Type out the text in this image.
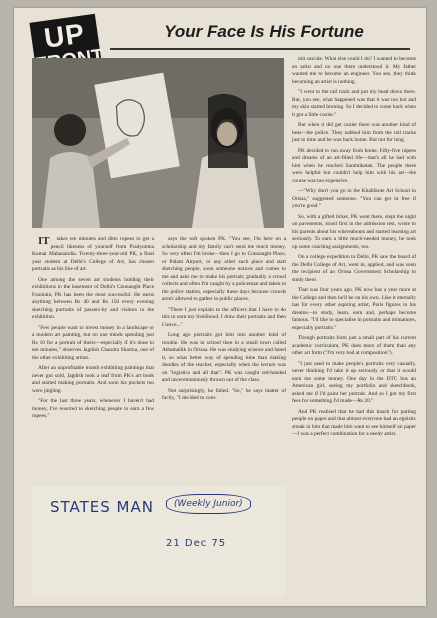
UP	Your Face Is His Fortune

IT takes ten minutes and ditto rupees to get a pencil likeness of yourself from Pradyumna Kumar Mahanandia. Twenty-three-year-old PK, a final year student at Delhi's College of Art, has chosen portraits as his line of art.

One among the seven art students holding their exhibitions in the basement of Delhi's Connaught Place Fountain, PK has been the most successful. He earns anything between Rs 40 and Rs 150 every evening sketching portraits of passers-by and visitors to the exhibition.

"Few people want to invest money in a landscape or a modern art painting, but no one minds spending just Rs 10 for a portrait of theirs—especially if it's done in ten minutes," observes Jagdish Chandra Sharma, one of the other exhibiting artists.

After an unprofitable month exhibiting paintings that never got sold, Jagdish took a leaf from PK's art book and started making portraits. And soon his pockets too were jingling.

"For the last three years, whenever I haven't had money, I've resorted to sketching people to earn a few rupees,"

says the soft spoken PK. "You see, I'm here on a scholarship and my family can't send me much money. So very often I'm broke—then I go to Connaught Place, or Palam Airport, or any other such place and start sketching people, soon someone notices and comes to me and asks me to make his portrait; gradually a crowd collects and often I'm caught by a policeman and taken to the police station, especially these days because crowds aren't allowed to gather in public places.

"There I just explain to the officers that I have to do this to earn my livelihood. I draw their portraits and then I leave..."

Long ago portraits got him into another kind of trouble. He was in school then in a small town called Athamallik in Orissa. He was studying science and hated it, so what better way of spending time than making doodles of the teacher, especially when the lecture was on "logistics and all that". PK was caught red-handed and unceremoniously thrown out of the class.

Not surprisingly, he failed. "So," he says matter of factly, "I decided to com-

mit suicide. What else could I do? I wanted to become an artist and no one there understood it. My father wanted me to become an engineer. You see, they think becoming an artist is nothing.

"I went to the rail track and put my head down there. But, you see, what happened was that it was too hot and my skin started burning. So I decided to come back when it got a little cooler."

But when it did get cooler there was another kind of heat—the police. They nabbed him from the rail tracks just in time and he was back home. But not for long.

PK decided to run away from home. Fifty-five rupees and dreams of an art-filled life—that's all he had with him when he reached Santiniketan. The people there were helpful but couldn't help him with his art—the course was too expensive.

—"Why don't you go to the Khallikote Art School in Orissa," suggested someone. "You can get in free if you're good."

So, with a gifted ticket, PK went there, slept the night on pavements, stood first in the admission test, wrote to his parents about his whereabouts and started learning art seriously. To earn a little much-needed money, he took up some coaching assignments, too.

On a college expedition to Delhi, PK saw the board of the Delhi College of Art, went in, applied, and was soon the recipient of an Orissa Government Scholarship to study there.

That was four years ago. PK now has a year more at the College and then he'll be on his own. Like it eternally has for every other aspiring artist, Paris figures in his dreams—to study, learn, earn and, perhaps become famous. "I'd like to specialise in portraits and miniatures, especially portraits."

Though portraits form just a small part of his current academic curriculum, PK does more of them than any other art form ("I'm very bad at composition").

"I just used to make people's portraits very casually, never thinking I'd take it up seriously or that it would earn me some money. One day in the DTC bus an American girl, seeing my portfolio and sketchbook, asked me if I'd paint her portrait. And so I got my first fees for something I'd made—Rs 20."

And PK realised that he had this knack for putting people on paper and that almost everyone had an egoistic streak in him that made him want to see himself on paper—I was a perfect combination for a needy artist.

STATES MAN	(Weekly Junior)
21 Dec 75
